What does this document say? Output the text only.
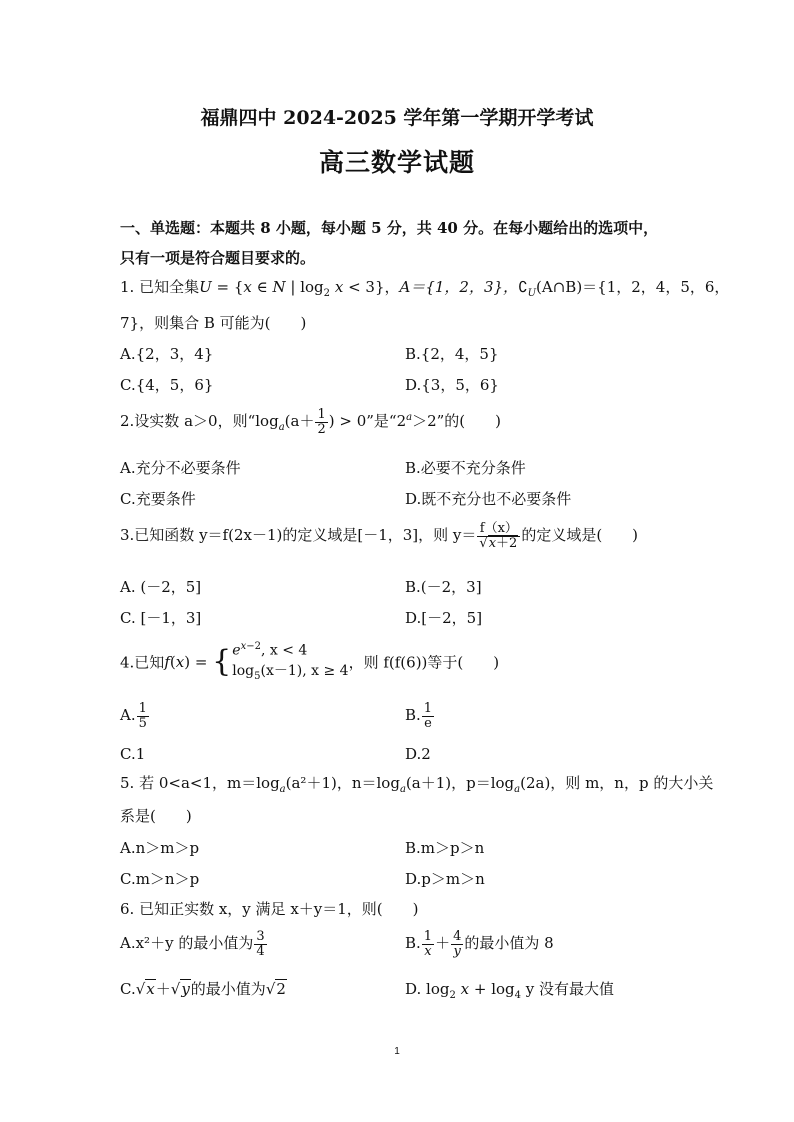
福鼎四中 2024-2025 学年第一学期开学考试
高三数学试题
一、单选题：本题共 8 小题，每小题 5 分，共 40 分。在每小题给出的选项中，
只有一项是符合题目要求的。
1. 已知全集U = {x ∈ N | $\log_2 x < 3$}，A＝{1，2，3}，$∁_U(A\cap B)=\{1$，2，4，5，6，
7}，则集合 B 可能为(　　)
A.{2，3，4}	B.{2，4，5}
C.{4，5，6}	D.{3，5，6}
2.设实数 a＞0，则“$\log_a(a+ \frac{1}{2}$ ) > 0”是“$2^a>2$”的(　　)
A.充分不必要条件	B.必要不充分条件
C.充要条件	D.既不充分也不必要条件
3.已知函数 y＝f(2x－1)的定义域是[－1，3]，则 $y= \frac{f(x)}{√x+2}$ 的定义域是(　　)
A. (－2，5]	B.(－2，3]
C. [－1，3]	D.[－2，5]
4.已知f(x) = { $e^{x-2}$, x < 4
$\log_5(x-1)$, x ≥ 4 ，则 f(f(6))等于(　　)
A. $\frac{1}{5}$	B. $\frac{1}{e}$
C.1	D.2
5. 若 0<a<1，$m=\log_a(a^2+1)$，$n=\log_a(a+1)$，$p=\log_a(2a)$，则 m，n，p 的大小关
系是(　　)
A.n＞m＞p	B.m＞p＞n
C.m＞n＞p	D.p＞m＞n
6. 已知正实数 x，y 满足 x＋y＝1，则(　　)
A.x²＋y 的最小值为 $\frac{3}{4}$	B. $\frac{1}{x} + \frac{4}{y}$ 的最小值为 8
C.√x＋√y的最小值为√2	D. $\log_2 x + \log_4 y$ 没有最大值
1
